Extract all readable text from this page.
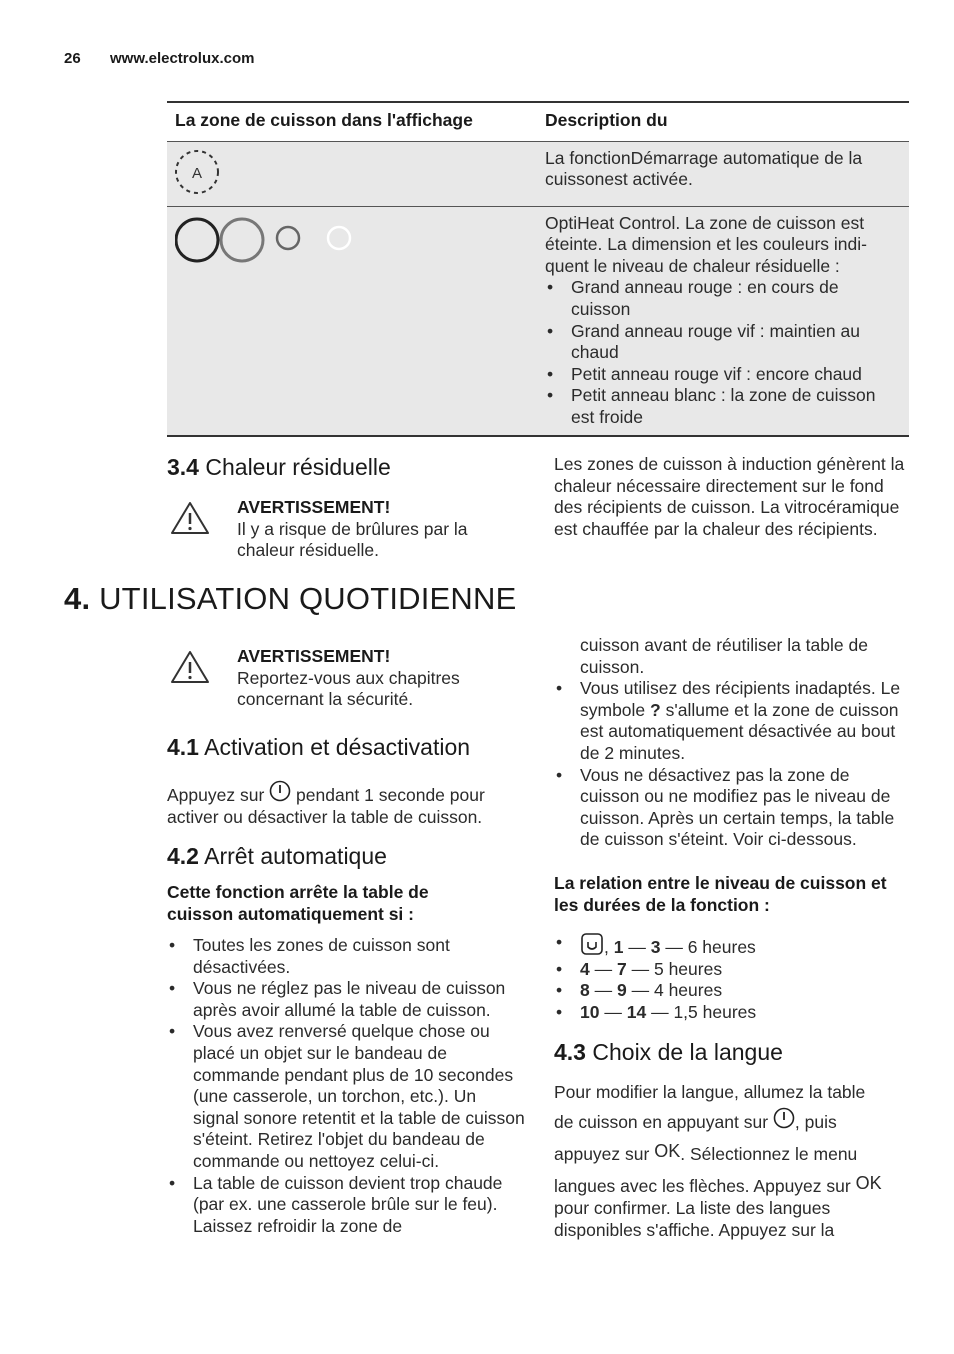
26 www.electrolux.com
La zone de cuisson dans l'affichage	Description du
A
La fonctionDémarrage automatique de la cuissonest activée.
OptiHeat Control. La zone de cuisson est éteinte. La dimension et les couleurs indi-quent le niveau de chaleur résiduelle :
• Grand anneau rouge : en cours de cuisson
• Grand anneau rouge vif : maintien au chaud
• Petit anneau rouge vif : encore chaud
• Petit anneau blanc : la zone de cuisson est froide
3.4 Chaleur résiduelle
AVERTISSEMENT!
Il y a risque de brûlures par la chaleur résiduelle.
Les zones de cuisson à induction génèrent la chaleur nécessaire directement sur le fond des récipients de cuisson. La vitrocéramique est chauffée par la chaleur des récipients.
4. UTILISATION QUOTIDIENNE
AVERTISSEMENT!
Reportez-vous aux chapitres concernant la sécurité.
4.1 Activation et désactivation
Appuyez sur pendant 1 seconde pour activer ou désactiver la table de cuisson.
4.2 Arrêt automatique
Cette fonction arrête la table de cuisson automatiquement si :
• Toutes les zones de cuisson sont désactivées.
• Vous ne réglez pas le niveau de cuisson après avoir allumé la table de cuisson.
• Vous avez renversé quelque chose ou placé un objet sur le bandeau de commande pendant plus de 10 secondes (une casserole, un torchon, etc.). Un signal sonore retentit et la table de cuisson s'éteint. Retirez l'objet du bandeau de commande ou nettoyez celui-ci.
• La table de cuisson devient trop chaude (par ex. une casserole brûle sur le feu). Laissez refroidir la zone de
cuisson avant de réutiliser la table de cuisson.
• Vous utilisez des récipients inadaptés. Le symbole ? s'allume et la zone de cuisson est automatiquement désactivée au bout de 2 minutes.
• Vous ne désactivez pas la zone de cuisson ou ne modifiez pas le niveau de cuisson. Après un certain temps, la table de cuisson s'éteint. Voir ci-dessous.
La relation entre le niveau de cuisson et les durées de la fonction :
• , 1 — 3 — 6 heures
• 4 — 7 — 5 heures
• 8 — 9 — 4 heures
• 10 — 14 — 1,5 heures
4.3 Choix de la langue
Pour modifier la langue, allumez la table
de cuisson en appuyant sur , puis
appuyez sur OK. Sélectionnez le menu
langues avec les flèches. Appuyez sur OK
pour confirmer. La liste des langues disponibles s'affiche. Appuyez sur la
